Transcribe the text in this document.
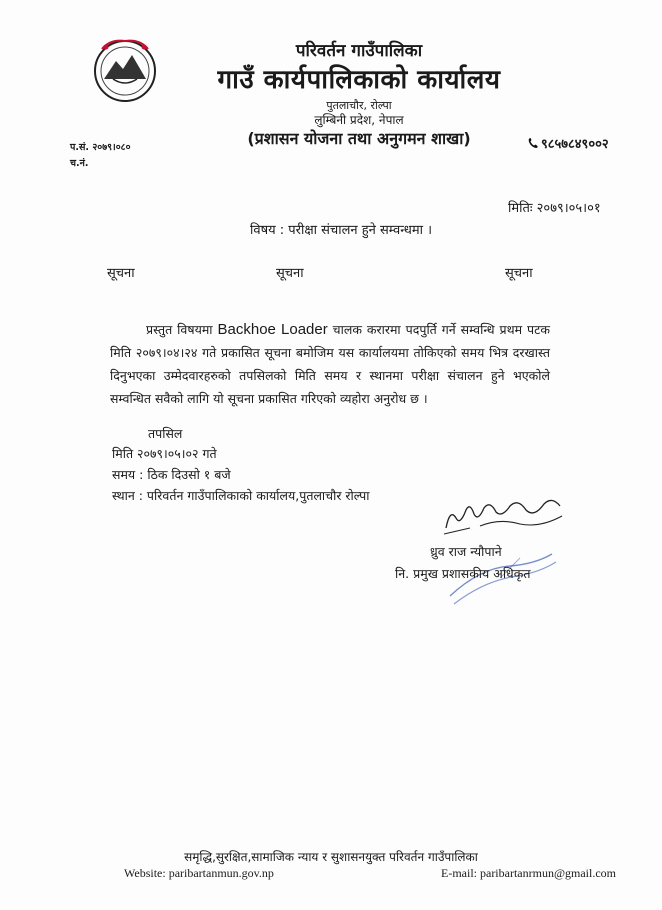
परिवर्तन गाउँपालिका
गाउँ कार्यपालिकाको कार्यालय
पुतलाचौर, रोल्पा
लुम्बिनी प्रदेश, नेपाल
(प्रशासन योजना तथा अनुगमन शाखा)	९८५७८४९००२
प.सं. २०७९।०८०
च.नं.
मितिः २०७९।०५।०१
विषय : परीक्षा संचालन हुने सम्वन्धमा ।
सूचना	सूचना	सूचना
प्रस्तुत विषयमा Backhoe Loader चालक करारमा पदपुर्ति गर्ने सम्वन्धि प्रथम पटक मिति २०७९।०४।२४ गते प्रकासित सूचना बमोजिम यस कार्यालयमा तोकिएको समय भित्र दरखास्त दिनुभएका उम्मेदवारहरुको तपसिलको मिति समय र स्थानमा परीक्षा संचालन हुने भएकोले सम्वन्धित सवैको लागि यो सूचना प्रकासित गरिएको व्यहोरा अनुरोध छ ।
तपसिल
मिति २०७९।०५।०२ गते
समय : ठिक दिउसो १ बजे
स्थान : परिवर्तन गाउँपालिकाको कार्यालय,पुतलाचौर रोल्पा
ध्रुव राज न्यौपाने
नि. प्रमुख प्रशासकीय अधिकृत
समृद्धि,सुरक्षित,सामाजिक न्याय र सुशासनयुक्त परिवर्तन गाउँपालिका
Website: paribartanmun.gov.np	E-mail: paribartanrmun@gmail.com
